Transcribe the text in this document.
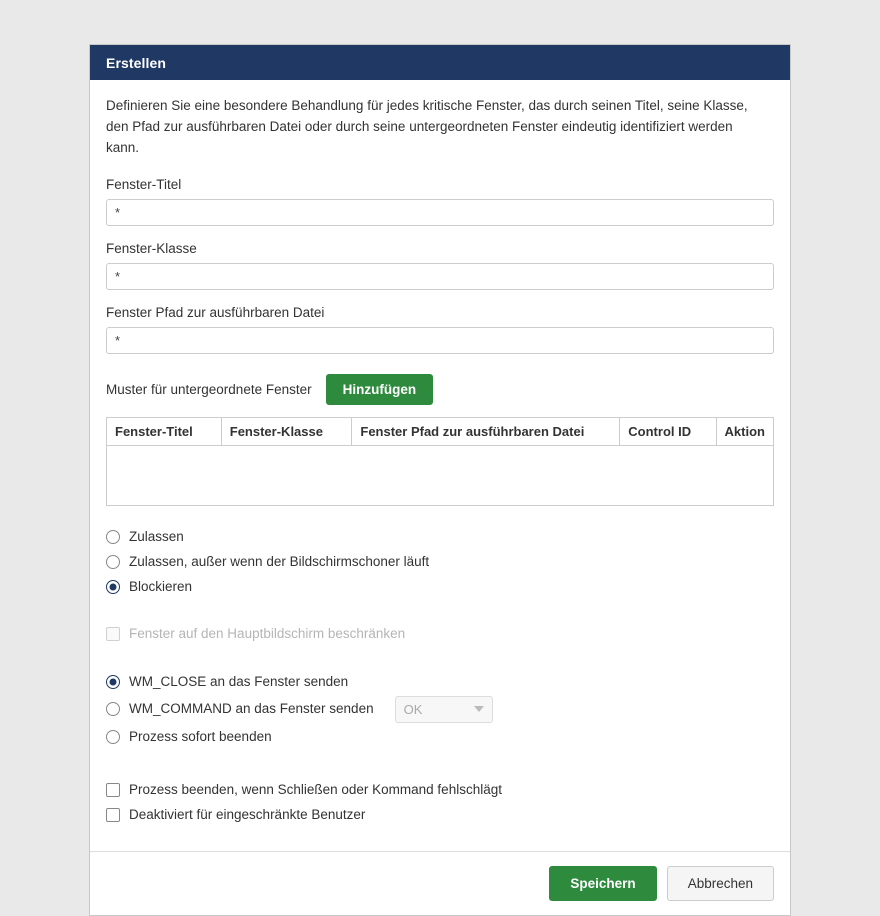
Erstellen

Definieren Sie eine besondere Behandlung für jedes kritische Fenster, das durch seinen Titel, seine Klasse, den Pfad zur ausführbaren Datei oder durch seine untergeordneten Fenster eindeutig identifiziert werden kann.

Fenster-Titel
*
Fenster-Klasse
*
Fenster Pfad zur ausführbaren Datei
*
Muster für untergeordnete Fenster	Hinzufügen
Fenster-Titel	Fenster-Klasse	Fenster Pfad zur ausführbaren Datei	Control ID	Aktion

Zulassen
Zulassen, außer wenn der Bildschirmschoner läuft
Blockieren
Fenster auf den Hauptbildschirm beschränken
WM_CLOSE an das Fenster senden
WM_COMMAND an das Fenster senden	OK
Prozess sofort beenden
Prozess beenden, wenn Schließen oder Kommand fehlschlägt
Deaktiviert für eingeschränkte Benutzer
Speichern	Abbrechen
